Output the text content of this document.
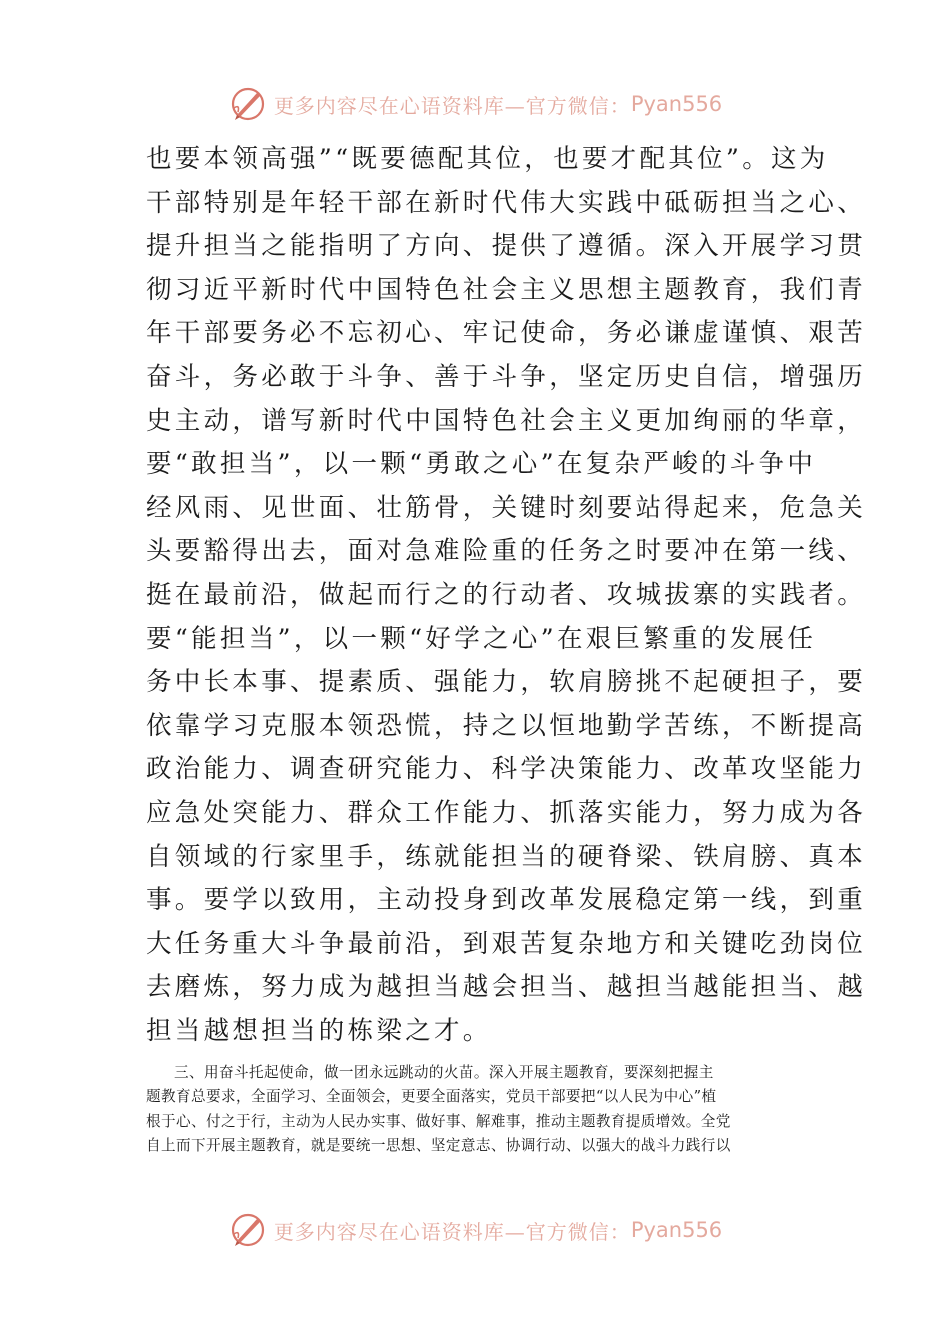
更多内容尽在心语资料库—官方微信： Pyan556
也要本领高强”“既要德配其位，也要才配其位”。这为
干部特别是年轻干部在新时代伟大实践中砥砺担当之心、
提升担当之能指明了方向、提供了遵循。深入开展学习贯
彻习近平新时代中国特色社会主义思想主题教育，我们青
年干部要务必不忘初心、牢记使命，务必谦虚谨慎、艰苦
奋斗，务必敢于斗争、善于斗争，坚定历史自信，增强历
史主动，谱写新时代中国特色社会主义更加绚丽的华章，
要“敢担当”，以一颗“勇敢之心”在复杂严峻的斗争中
经风雨、见世面、壮筋骨，关键时刻要站得起来，危急关
头要豁得出去，面对急难险重的任务之时要冲在第一线、
挺在最前沿，做起而行之的行动者、攻城拔寨的实践者。
要“能担当”，以一颗“好学之心”在艰巨繁重的发展任
务中长本事、提素质、强能力，软肩膀挑不起硬担子，要
依靠学习克服本领恐慌，持之以恒地勤学苦练，不断提高
政治能力、调查研究能力、科学决策能力、改革攻坚能力
应急处突能力、群众工作能力、抓落实能力，努力成为各
自领域的行家里手，练就能担当的硬脊梁、铁肩膀、真本
事。要学以致用，主动投身到改革发展稳定第一线，到重
大任务重大斗争最前沿，到艰苦复杂地方和关键吃劲岗位
去磨炼，努力成为越担当越会担当、越担当越能担当、越
担当越想担当的栋梁之才。
三、用奋斗托起使命，做一团永远跳动的火苗。深入开展主题教育，要深刻把握主
题教育总要求，全面学习、全面领会，更要全面落实，党员干部要把“以人民为中心”植
根于心、付之于行，主动为人民办实事、做好事、解难事，推动主题教育提质增效。全党
自上而下开展主题教育，就是要统一思想、坚定意志、协调行动、以强大的战斗力践行以
更多内容尽在心语资料库—官方微信： Pyan556
